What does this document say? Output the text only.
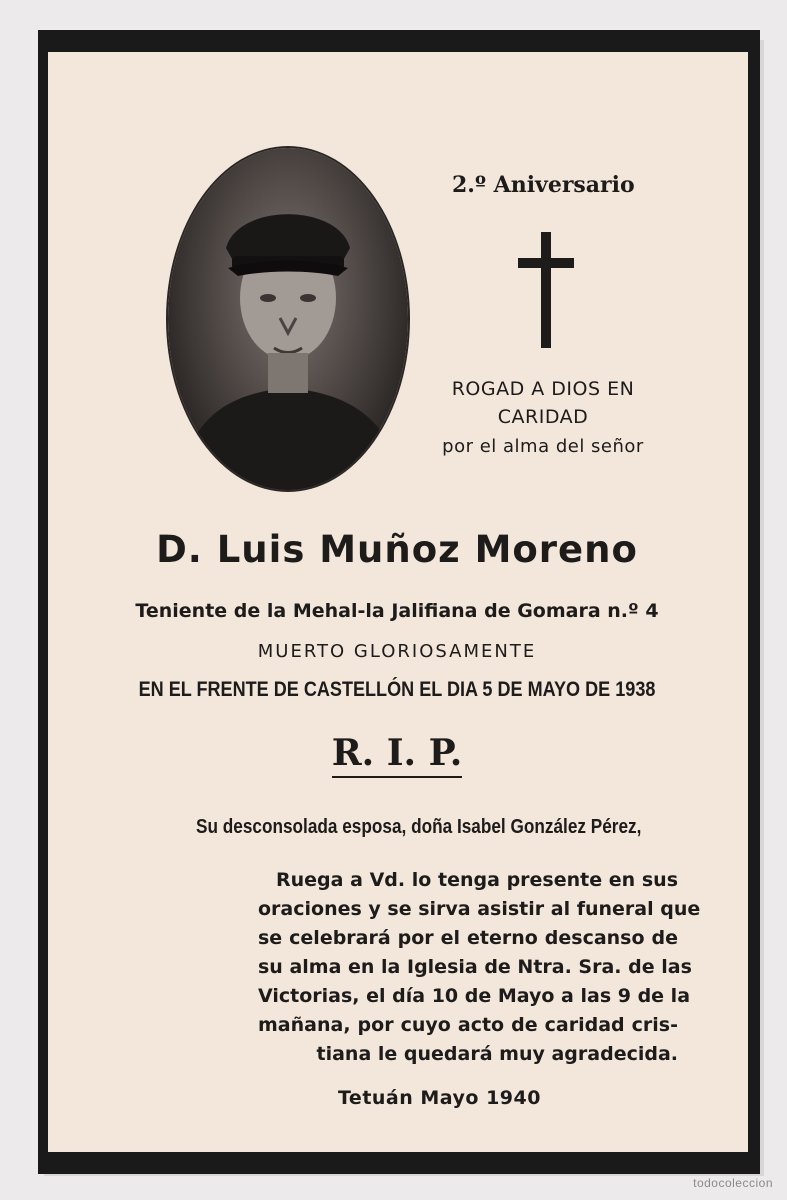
2.º Aniversario
ROGAD A DIOS EN
CARIDAD
por el alma del señor
D. Luis Muñoz Moreno
Teniente de la Mehal-la Jalifiana de Gomara n.º 4
MUERTO GLORIOSAMENTE
EN EL FRENTE DE CASTELLÓN EL DIA 5 DE MAYO DE 1938
R. I. P.
Su desconsolada esposa, doña Isabel González Pérez,
Ruega a Vd. lo tenga presente en sus
oraciones y se sirva asistir al funeral que
se celebrará por el eterno descanso de
su alma en la Iglesia de Ntra. Sra. de las
Victorias, el día 10 de Mayo a las 9 de la
mañana, por cuyo acto de caridad cris-
tiana le quedará muy agradecida.
Tetuán Mayo 1940
todocoleccion
